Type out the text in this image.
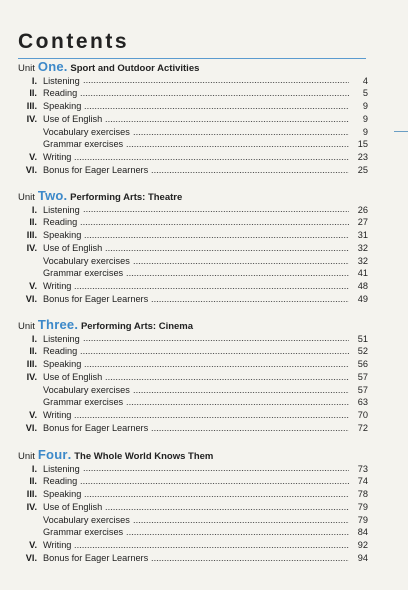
Contents
Unit One. Sport and Outdoor Activities
I. Listening	4
II. Reading	5
III. Speaking	9
IV. Use of English	9
Vocabulary exercises	9
Grammar exercises	15
V. Writing	23
VI. Bonus for Eager Learners	25
Unit Two. Performing Arts: Theatre
I. Listening	26
II. Reading	27
III. Speaking	31
IV. Use of English	32
Vocabulary exercises	32
Grammar exercises	41
V. Writing	48
VI. Bonus for Eager Learners	49
Unit Three. Performing Arts: Cinema
I. Listening	51
II. Reading	52
III. Speaking	56
IV. Use of English	57
Vocabulary exercises	57
Grammar exercises	63
V. Writing	70
VI. Bonus for Eager Learners	72
Unit Four. The Whole World Knows Them
I. Listening	73
II. Reading	74
III. Speaking	78
IV. Use of English	79
Vocabulary exercises	79
Grammar exercises	84
V. Writing	92
VI. Bonus for Eager Learners	94
